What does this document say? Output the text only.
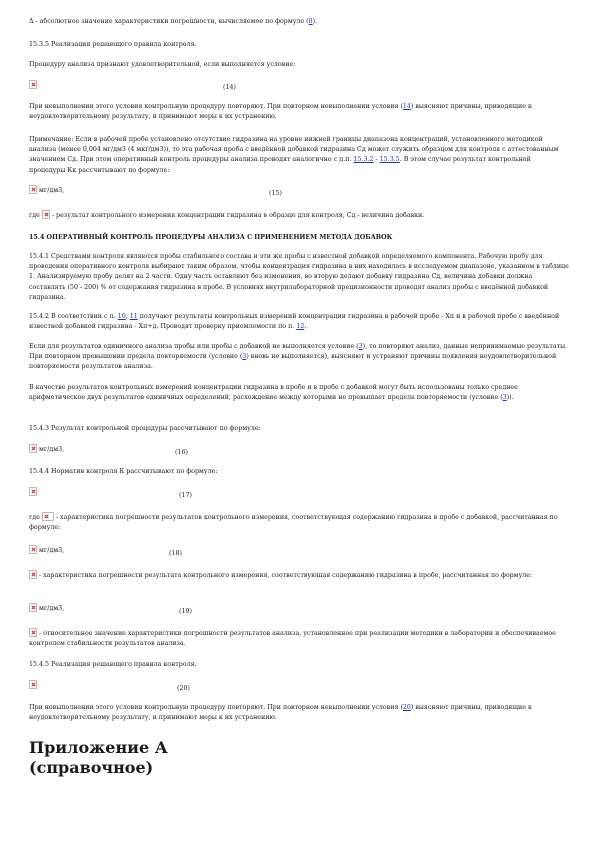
Δ - абсолютное значение характеристики погрешности, вычисляемое по формуле (8).

15.3.5 Реализация решающего правила контроля.

Процедуру анализа признают удовлетворительной, если выполняется условие:

(14)

При невыполнении этого условия контрольную процедуру повторяют. При повторном невыполнении условия (14) выясняют причины, приводящие к неудовлетворительному результату, и принимают меры к их устранению.

Примечание: Если в рабочей пробе установлено отсутствие гидразина на уровне нижней границы диапазона концентраций, установленного методикой анализа (менее 0,004 мг/дм3 (4 мкг/дм3)), то эта рабочая проба с введённой добавкой гидразина Сд может служить образцом для контроля с аттестованным значением Сд. При этом оперативный контроль процедуры анализа проводят аналогично с п.п. 15.3.2 - 15.3.5. В этом случае результат контрольной процедуры Кк рассчитывают по формуле:

мг/дм3,	(15)

где  - результат контрольного измерения концентрации гидразина в образце для контроля, Сд - величина добавки.

15.4 ОПЕРАТИВНЫЙ КОНТРОЛЬ ПРОЦЕДУРЫ АНАЛИЗА С ПРИМЕНЕНИЕМ МЕТОДА ДОБАВОК

15.4.1 Средствами контроля являются пробы стабильного состава и эти же пробы с известной добавкой определяемого компонента. Рабочую пробу для проведения оперативного контроля выбирают таким образом, чтобы концентрация гидразина в них находилась в исследуемом диапазоне, указанном в таблице 1. Анализируемую пробу делят на 2 части. Одну часть оставляют без изменения, во вторую делают добавку гидразина Сд, величина добавки должна составлять (50 - 200) % от содержания гидразина в пробе. В условиях внутрилабораторной прецизионности проводят анализ пробы с введённой добавкой гидразина.

15.4.2 В соответствии с п. 10, 11 получают результаты контрольных измерений концентрации гидразина в рабочей пробе - Хп и в рабочей пробе с введённой известной добавкой гидразина - Хп+д. Проводят проверку приемлемости по п. 12.

Если для результатов единичного анализа пробы или пробы с добавкой не выполняется условие (3), то повторяют анализ, данные непринимаемые результаты. При повторном превышении предела повторяемости (условие (3) вновь не выполняется), выясняют и устраняют причины появления неудовлетворительной повторяемости результатов анализа.

В качестве результатов контрольных измерений концентрации гидразина в пробе и в пробе с добавкой могут быть использованы только среднее арифметическое двух результатов единичных определений, расхождение между которыми не превышает предела повторяемости (условие (3)).

15.4.3 Результат контрольной процедуры рассчитывают по формуле:

мг/дм3,	(16)

15.4.4 Норматив контроля К рассчитывают по формуле:

(17)

где  - характеристика погрешности результатов контрольного измерения, соответствующая содержанию гидразина в пробе с добавкой, рассчитанная по формуле:

мг/дм3,	(18)

- характеристика погрешности результата контрольного измерения, соответствующая содержанию гидразина в пробе, рассчитанная по формуле:

мг/дм3,	(19)

- относительное значение характеристики погрешности результатов анализа, установленное при реализации методики в лаборатории и обеспечиваемое контролем стабильности результатов анализа.

15.4.5 Реализация решающего правила контроля.

(20)

При невыполнении этого условия контрольную процедуру повторяют. При повторном невыполнении условия (20) выясняют причины, приводящие к неудовлетворительному результату, и принимают меры к их устранению.

Приложение А
(справочное)
